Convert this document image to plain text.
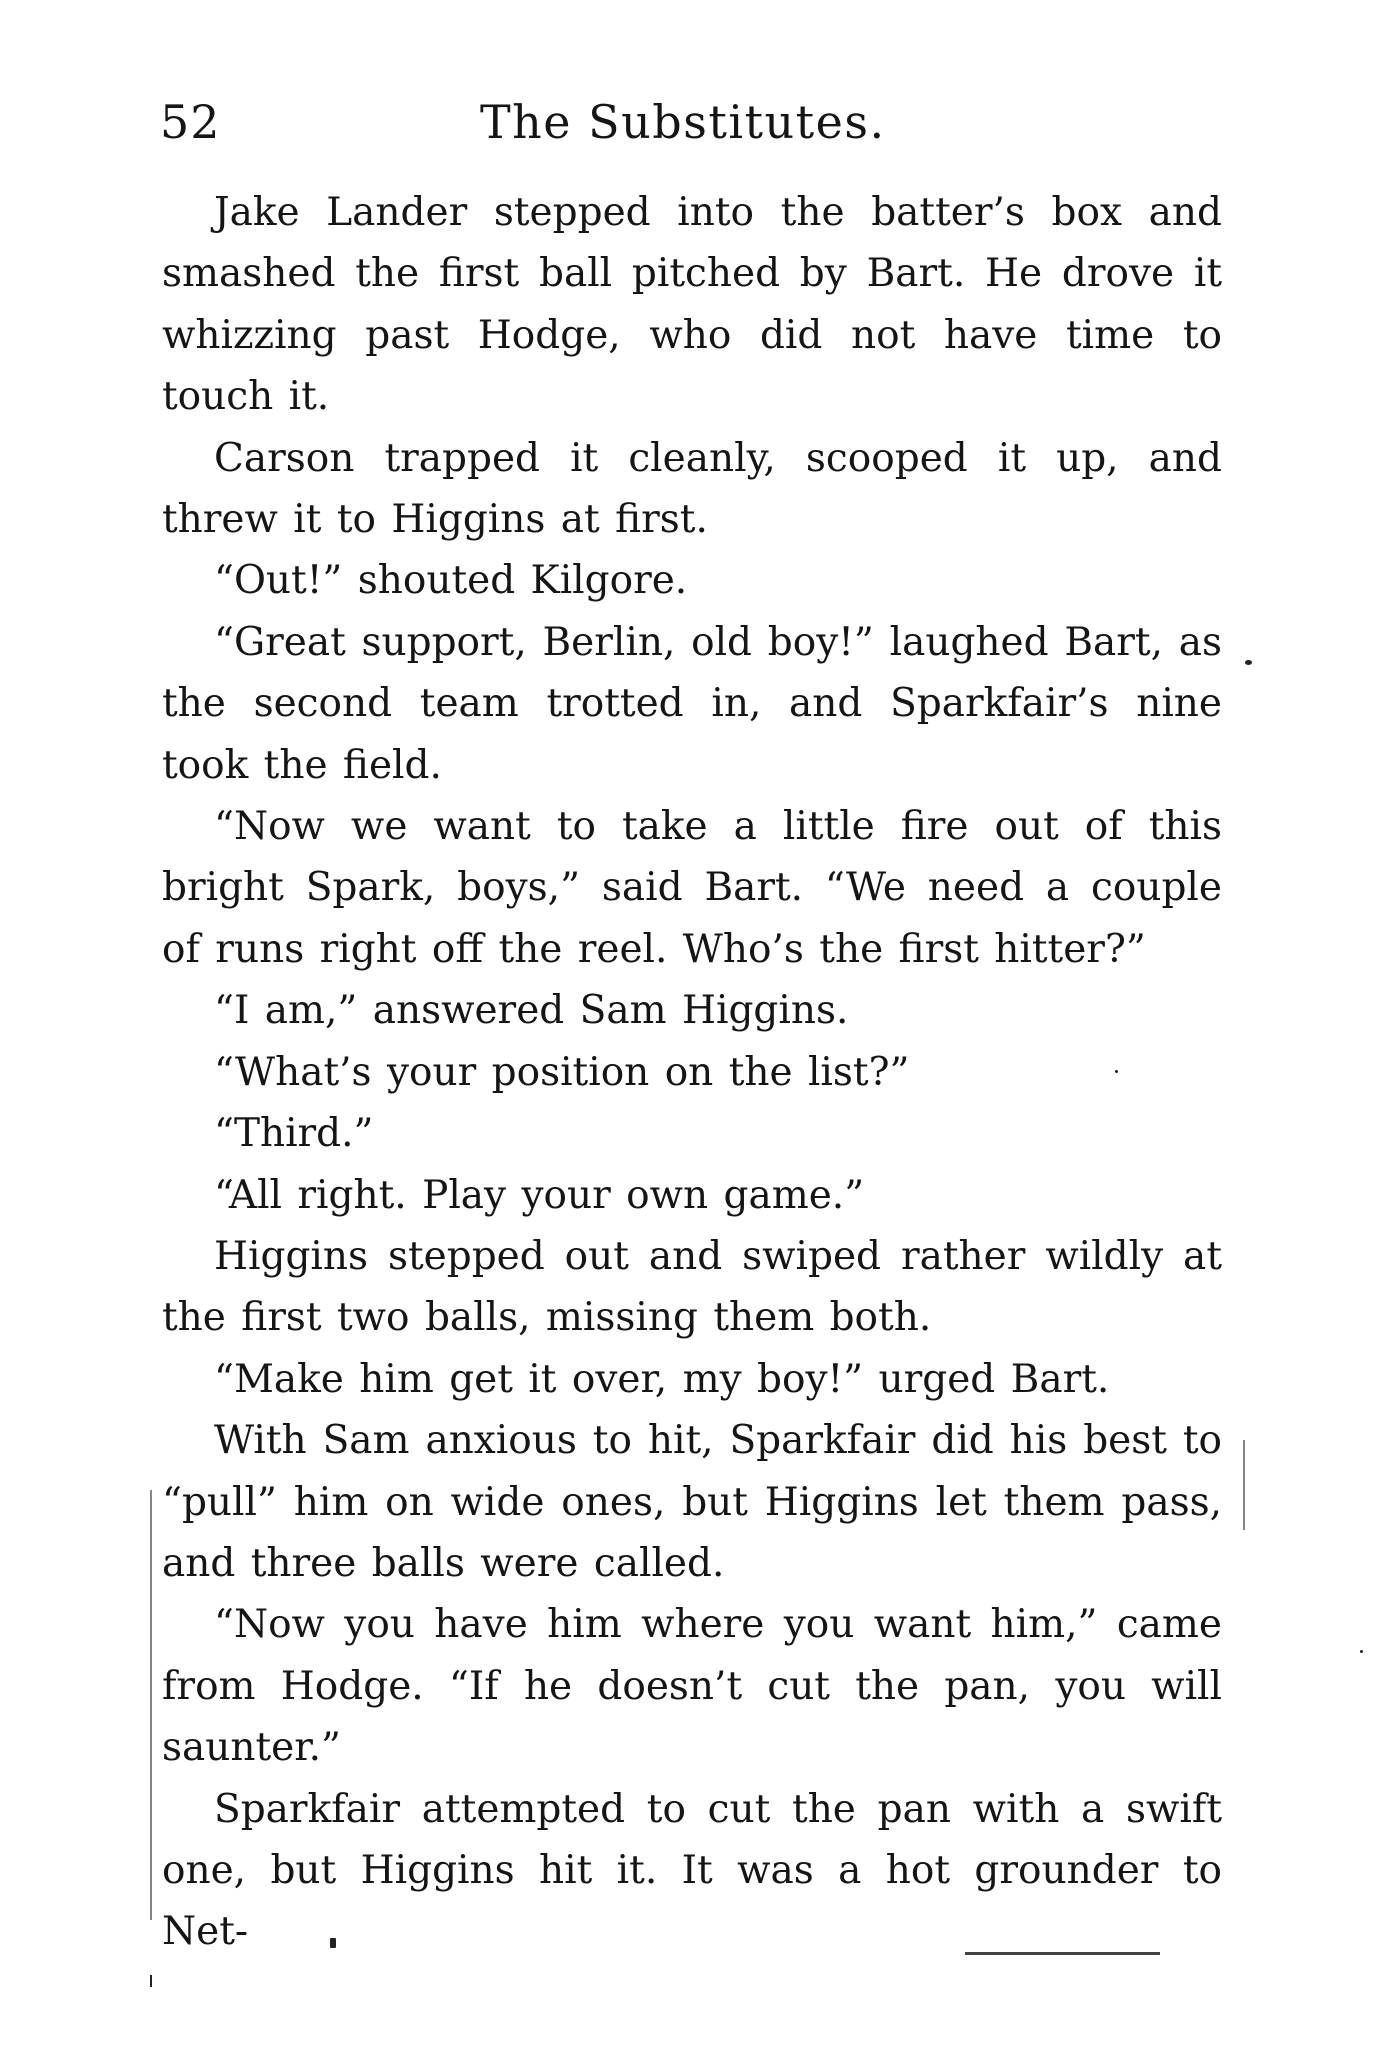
52	The Substitutes.

Jake Lander stepped into the batter’s box and smashed the first ball pitched by Bart. He drove it whizzing past Hodge, who did not have time to touch it.

Carson trapped it cleanly, scooped it up, and threw it to Higgins at first.

“Out!” shouted Kilgore.

“Great support, Berlin, old boy!” laughed Bart, as the second team trotted in, and Sparkfair’s nine took the field.

“Now we want to take a little fire out of this bright Spark, boys,” said Bart. “We need a couple of runs right off the reel. Who’s the first hitter?”

“I am,” answered Sam Higgins.

“What’s your position on the list?”

“Third.”

“All right. Play your own game.”

Higgins stepped out and swiped rather wildly at the first two balls, missing them both.

“Make him get it over, my boy!” urged Bart.

With Sam anxious to hit, Sparkfair did his best to “pull” him on wide ones, but Higgins let them pass, and three balls were called.

“Now you have him where you want him,” came from Hodge. “If he doesn’t cut the pan, you will saunter.”

Sparkfair attempted to cut the pan with a swift one, but Higgins hit it. It was a hot grounder to Net-
